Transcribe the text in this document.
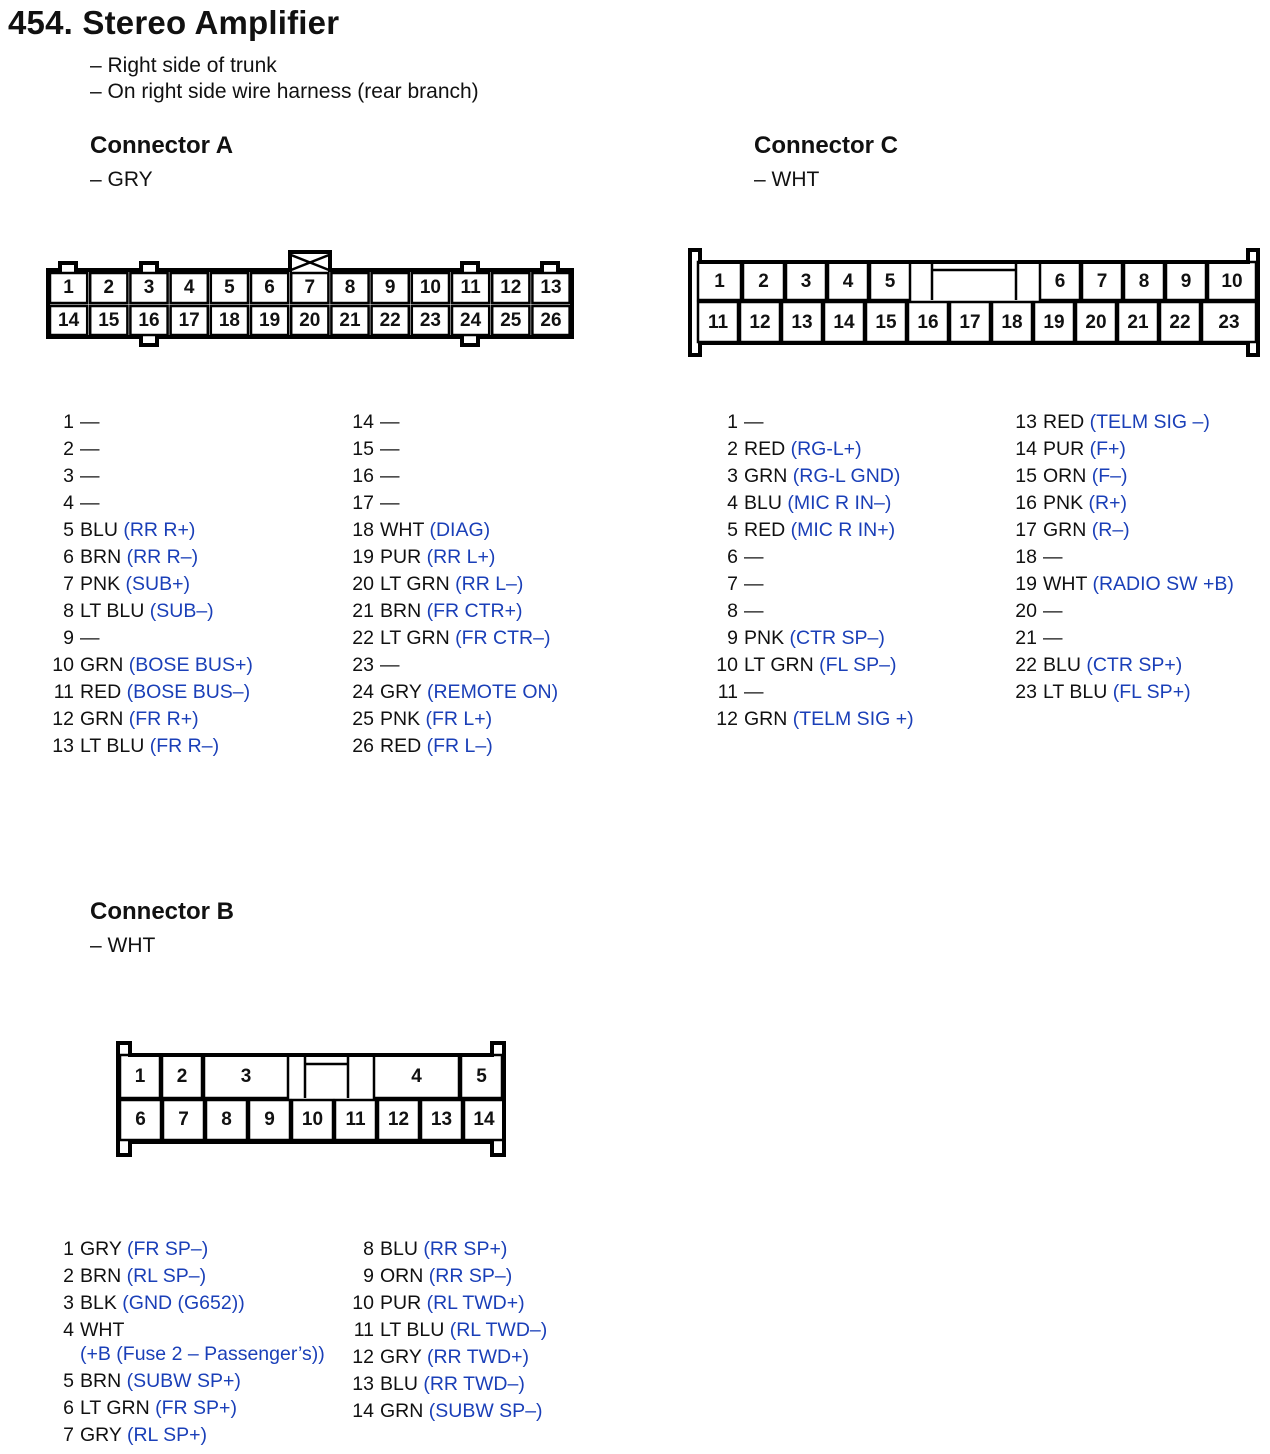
454. Stereo Amplifier
– Right side of trunk
– On right side wire harness (rear branch)
Connector A
– GRY
Connector C
– WHT
Connector B
– WHT
1	2	3	4	5	6	7	8	9	10	11	12	13
14	15	16	17	18	19	20	21	22	23	24	25	26
1	2	3	4	5	6	7	8	9	10
11	12	13	14	15	16	17	18	19	20	21	22	23
1	2	3	4	5
6	7	8	9	10	11	12	13	14
1 —
2 —
3 —
4 —
5 BLU (RR R+)
6 BRN (RR R–)
7 PNK (SUB+)
8 LT BLU (SUB–)
9 —
10 GRN (BOSE BUS+)
11 RED (BOSE BUS–)
12 GRN (FR R+)
13 LT BLU (FR R–)
14 —
15 —
16 —
17 —
18 WHT (DIAG)
19 PUR (RR L+)
20 LT GRN (RR L–)
21 BRN (FR CTR+)
22 LT GRN (FR CTR–)
23 —
24 GRY (REMOTE ON)
25 PNK (FR L+)
26 RED (FR L–)
1 —
2 RED (RG-L+)
3 GRN (RG-L GND)
4 BLU (MIC R IN–)
5 RED (MIC R IN+)
6 —
7 —
8 —
9 PNK (CTR SP–)
10 LT GRN (FL SP–)
11 —
12 GRN (TELM SIG +)
13 RED (TELM SIG –)
14 PUR (F+)
15 ORN (F–)
16 PNK (R+)
17 GRN (R–)
18 —
19 WHT (RADIO SW +B)
20 —
21 —
22 BLU (CTR SP+)
23 LT BLU (FL SP+)
1 GRY (FR SP–)
2 BRN (RL SP–)
3 BLK (GND (G652))
4 WHT
(+B (Fuse 2 – Passenger’s))
5 BRN (SUBW SP+)
6 LT GRN (FR SP+)
7 GRY (RL SP+)
8 BLU (RR SP+)
9 ORN (RR SP–)
10 PUR (RL TWD+)
11 LT BLU (RL TWD–)
12 GRY (RR TWD+)
13 BLU (RR TWD–)
14 GRN (SUBW SP–)
